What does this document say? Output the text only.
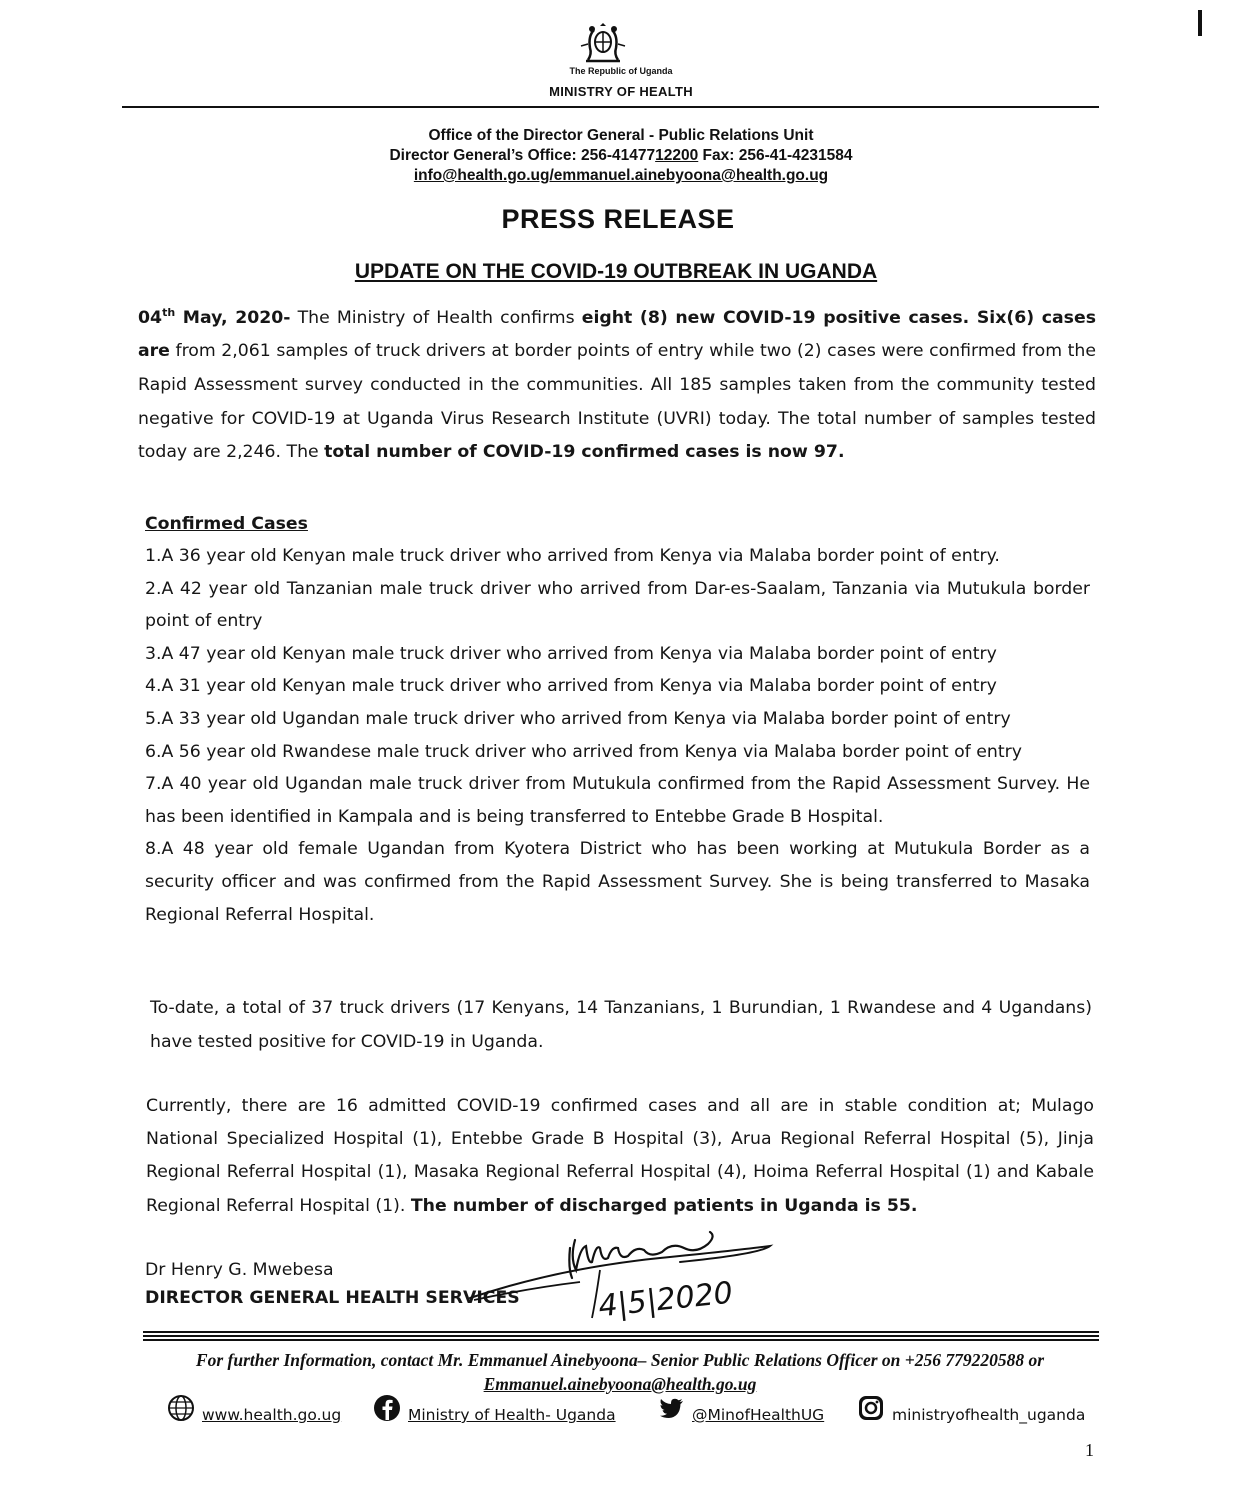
The Republic of Uganda
MINISTRY OF HEALTH
Office of the Director General - Public Relations Unit
Director General’s Office: 256-4147712200 Fax: 256-41-4231584
info@health.go.ug/emmanuel.ainebyoona@health.go.ug
PRESS RELEASE
UPDATE ON THE COVID-19 OUTBREAK IN UGANDA
04th May, 2020- The Ministry of Health confirms eight (8) new COVID-19 positive cases. Six(6) cases are from 2,061 samples of truck drivers at border points of entry while two (2) cases were confirmed from the Rapid Assessment survey conducted in the communities. All 185 samples taken from the community tested negative for COVID-19 at Uganda Virus Research Institute (UVRI) today. The total number of samples tested today are 2,246. The total number of COVID-19 confirmed cases is now 97.
Confirmed Cases
1.A 36 year old Kenyan male truck driver who arrived from Kenya via Malaba border point of entry.
2.A 42 year old Tanzanian male truck driver who arrived from Dar-es-Saalam, Tanzania via Mutukula border point of entry
3.A 47 year old Kenyan male truck driver who arrived from Kenya via Malaba border point of entry
4.A 31 year old Kenyan male truck driver who arrived from Kenya via Malaba border point of entry
5.A 33 year old Ugandan male truck driver who arrived from Kenya via Malaba border point of entry
6.A 56 year old Rwandese male truck driver who arrived from Kenya via Malaba border point of entry
7.A 40 year old Ugandan male truck driver from Mutukula confirmed from the Rapid Assessment Survey. He has been identified in Kampala and is being transferred to Entebbe Grade B Hospital.
8.A 48 year old female Ugandan from Kyotera District who has been working at Mutukula Border as a security officer and was confirmed from the Rapid Assessment Survey. She is being transferred to Masaka Regional Referral Hospital.
To-date, a total of 37 truck drivers (17 Kenyans, 14 Tanzanians, 1 Burundian, 1 Rwandese and 4 Ugandans) have tested positive for COVID-19 in Uganda.
Currently, there are 16 admitted COVID-19 confirmed cases and all are in stable condition at; Mulago National Specialized Hospital (1), Entebbe Grade B Hospital (3), Arua Regional Referral Hospital (5), Jinja Regional Referral Hospital (1), Masaka Regional Referral Hospital (4), Hoima Referral Hospital (1) and Kabale Regional Referral Hospital (1). The number of discharged patients in Uganda is 55.
Dr Henry G. Mwebesa
DIRECTOR GENERAL HEALTH SERVICES	4|5|2020
For further Information, contact Mr. Emmanuel Ainebyoona– Senior Public Relations Officer on +256 779220588 or Emmanuel.ainebyoona@health.go.ug
www.health.go.ug	Ministry of Health- Uganda	@MinofHealthUG	ministryofhealth_uganda
1
